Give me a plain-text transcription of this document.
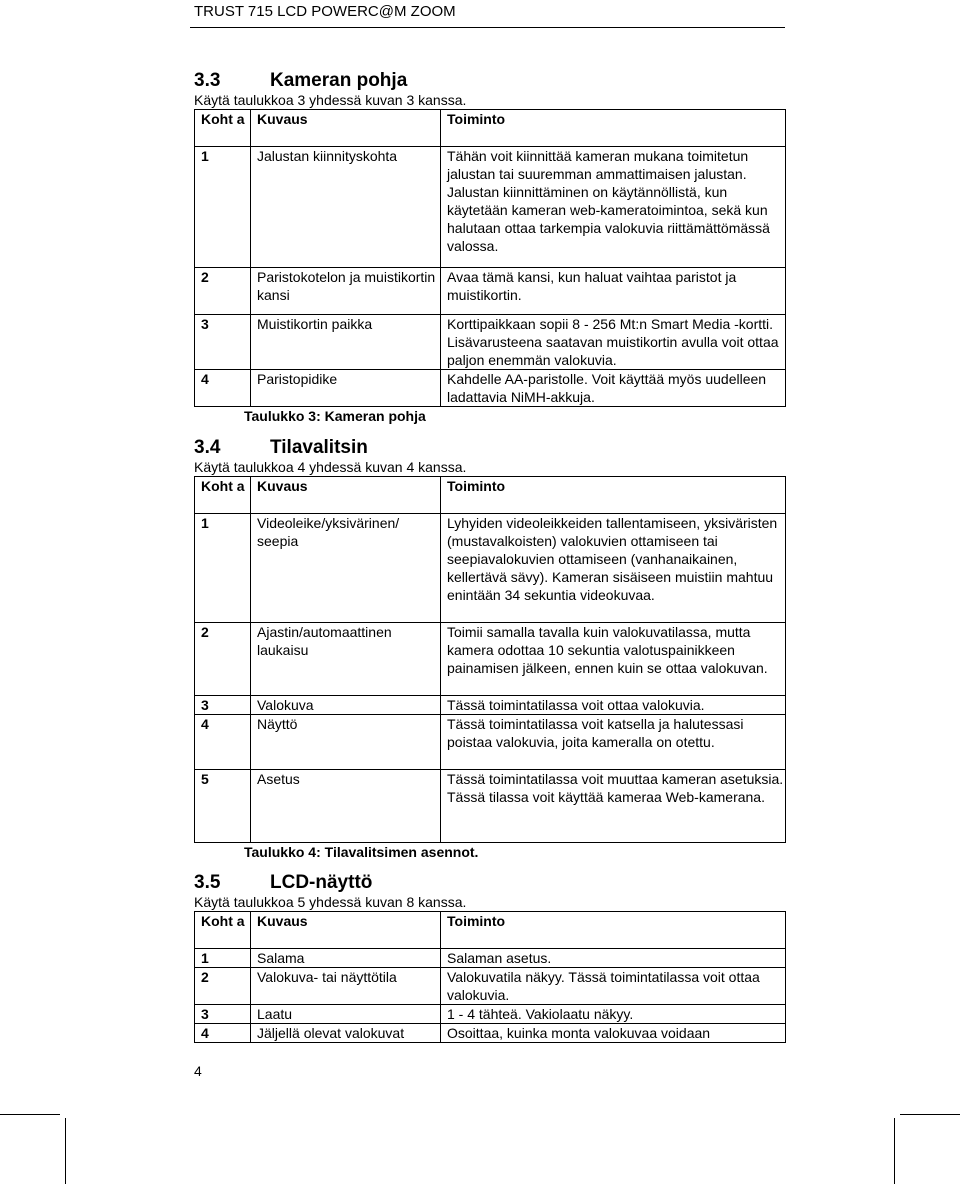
TRUST 715 LCD POWERC@M ZOOM
3.3	Kameran pohja
Käytä taulukkoa 3 yhdessä kuvan 3 kanssa.
Koht a	Kuvaus	Toiminto
1	Jalustan kiinnityskohta	Tähän voit kiinnittää kameran mukana toimitetun jalustan tai suuremman ammattimaisen jalustan. Jalustan kiinnittäminen on käytännöllistä, kun käytetään kameran web-kameratoimintoa, sekä kun halutaan ottaa tarkempia valokuvia riittämättömässä valossa.
2	Paristokotelon ja muistikortin kansi	Avaa tämä kansi, kun haluat vaihtaa paristot ja muistikortin.
3	Muistikortin paikka	Korttipaikkaan sopii 8 - 256 Mt:n Smart Media -kortti. Lisävarusteena saatavan muistikortin avulla voit ottaa paljon enemmän valokuvia.
4	Paristopidike	Kahdelle AA-paristolle. Voit käyttää myös uudelleen ladattavia NiMH-akkuja.
Taulukko 3: Kameran pohja
3.4	Tilavalitsin
Käytä taulukkoa 4 yhdessä kuvan 4 kanssa.
Koht a	Kuvaus	Toiminto
1	Videoleike/yksivärinen/ seepia	Lyhyiden videoleikkeiden tallentamiseen, yksiväristen (mustavalkoisten) valokuvien ottamiseen tai seepiavalokuvien ottamiseen (vanhanaikainen, kellertävä sävy). Kameran sisäiseen muistiin mahtuu enintään 34 sekuntia videokuvaa.
2	Ajastin/automaattinen laukaisu	Toimii samalla tavalla kuin valokuvatilassa, mutta kamera odottaa 10 sekuntia valotuspainikkeen painamisen jälkeen, ennen kuin se ottaa valokuvan.
3	Valokuva	Tässä toimintatilassa voit ottaa valokuvia.
4	Näyttö	Tässä toimintatilassa voit katsella ja halutessasi poistaa valokuvia, joita kameralla on otettu.
5	Asetus	Tässä toimintatilassa voit muuttaa kameran asetuksia. Tässä tilassa voit käyttää kameraa Web-kamerana.
Taulukko 4: Tilavalitsimen asennot.
3.5	LCD-näyttö
Käytä taulukkoa 5 yhdessä kuvan 8 kanssa.
Koht a	Kuvaus	Toiminto
1	Salama	Salaman asetus.
2	Valokuva- tai näyttötila	Valokuvatila näkyy. Tässä toimintatilassa voit ottaa valokuvia.
3	Laatu	1 - 4 tähteä. Vakiolaatu näkyy.
4	Jäljellä olevat valokuvat	Osoittaa, kuinka monta valokuvaa voidaan
4
